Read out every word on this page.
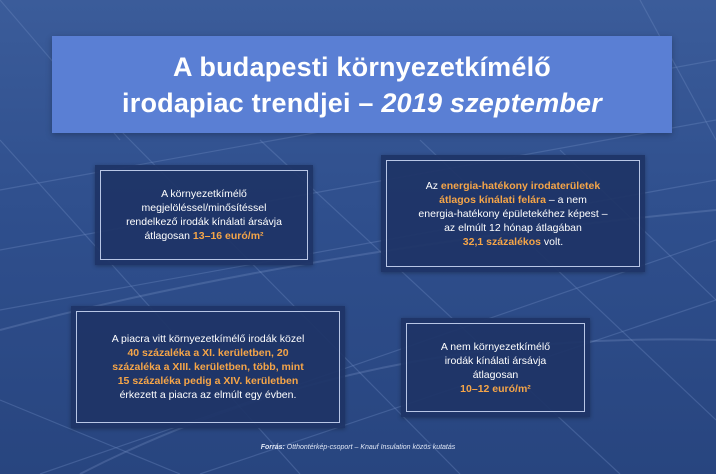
A budapesti környezetkímélő
irodapiac trendjei – 2019 szeptember
A környezetkímélő
megjelöléssel/minősítéssel
rendelkező irodák kínálati ársávja
átlagosan 13–16 euró/m²
Az energia-hatékony irodaterületek
átlagos kínálati felára – a nem
energia-hatékony épületekéhez képest –
az elmúlt 12 hónap átlagában
32,1 százalékos volt.
A piacra vitt környezetkímélő irodák közel
40 százaléka a XI. kerületben, 20
százaléka a XIII. kerületben, több, mint
15 százaléka pedig a XIV. kerületben
érkezett a piacra az elmúlt egy évben.
A nem környezetkímélő
irodák kínálati ársávja
átlagosan
10–12 euró/m²
Forrás: Otthontérkép-csoport – Knauf Insulation közös kutatás
